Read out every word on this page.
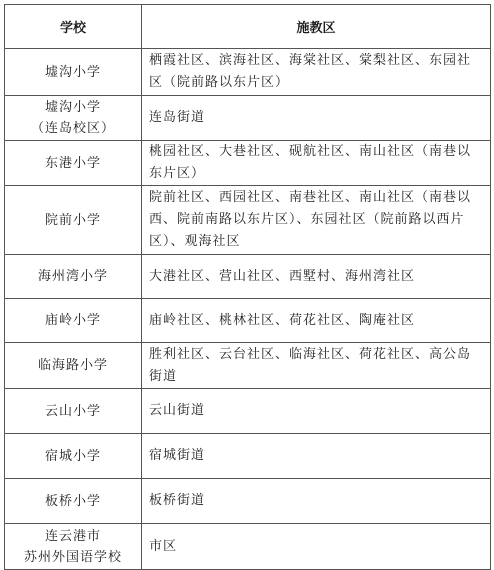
学校	施教区
墟沟小学	栖霞社区、滨海社区、海棠社区、棠梨社区、东园社区（院前路以东片区）

墟沟小学
（连岛校区）	连岛街道
东港小学	桃园社区、大巷社区、砚航社区、南山社区（南巷以东片区）
院前小学	院前社区、西园社区、南巷社区、南山社区（南巷以西、院前南路以东片区）、东园社区（院前路以西片区）、观海社区
海州湾小学	大港社区、营山社区、西墅村、海州湾社区
庙岭小学	庙岭社区、桃林社区、荷花社区、陶庵社区
临海路小学	胜利社区、云台社区、临海社区、荷花社区、高公岛街道
云山小学	云山街道
宿城小学	宿城街道
板桥小学	板桥街道

连云港市
苏州外国语学校	市区
